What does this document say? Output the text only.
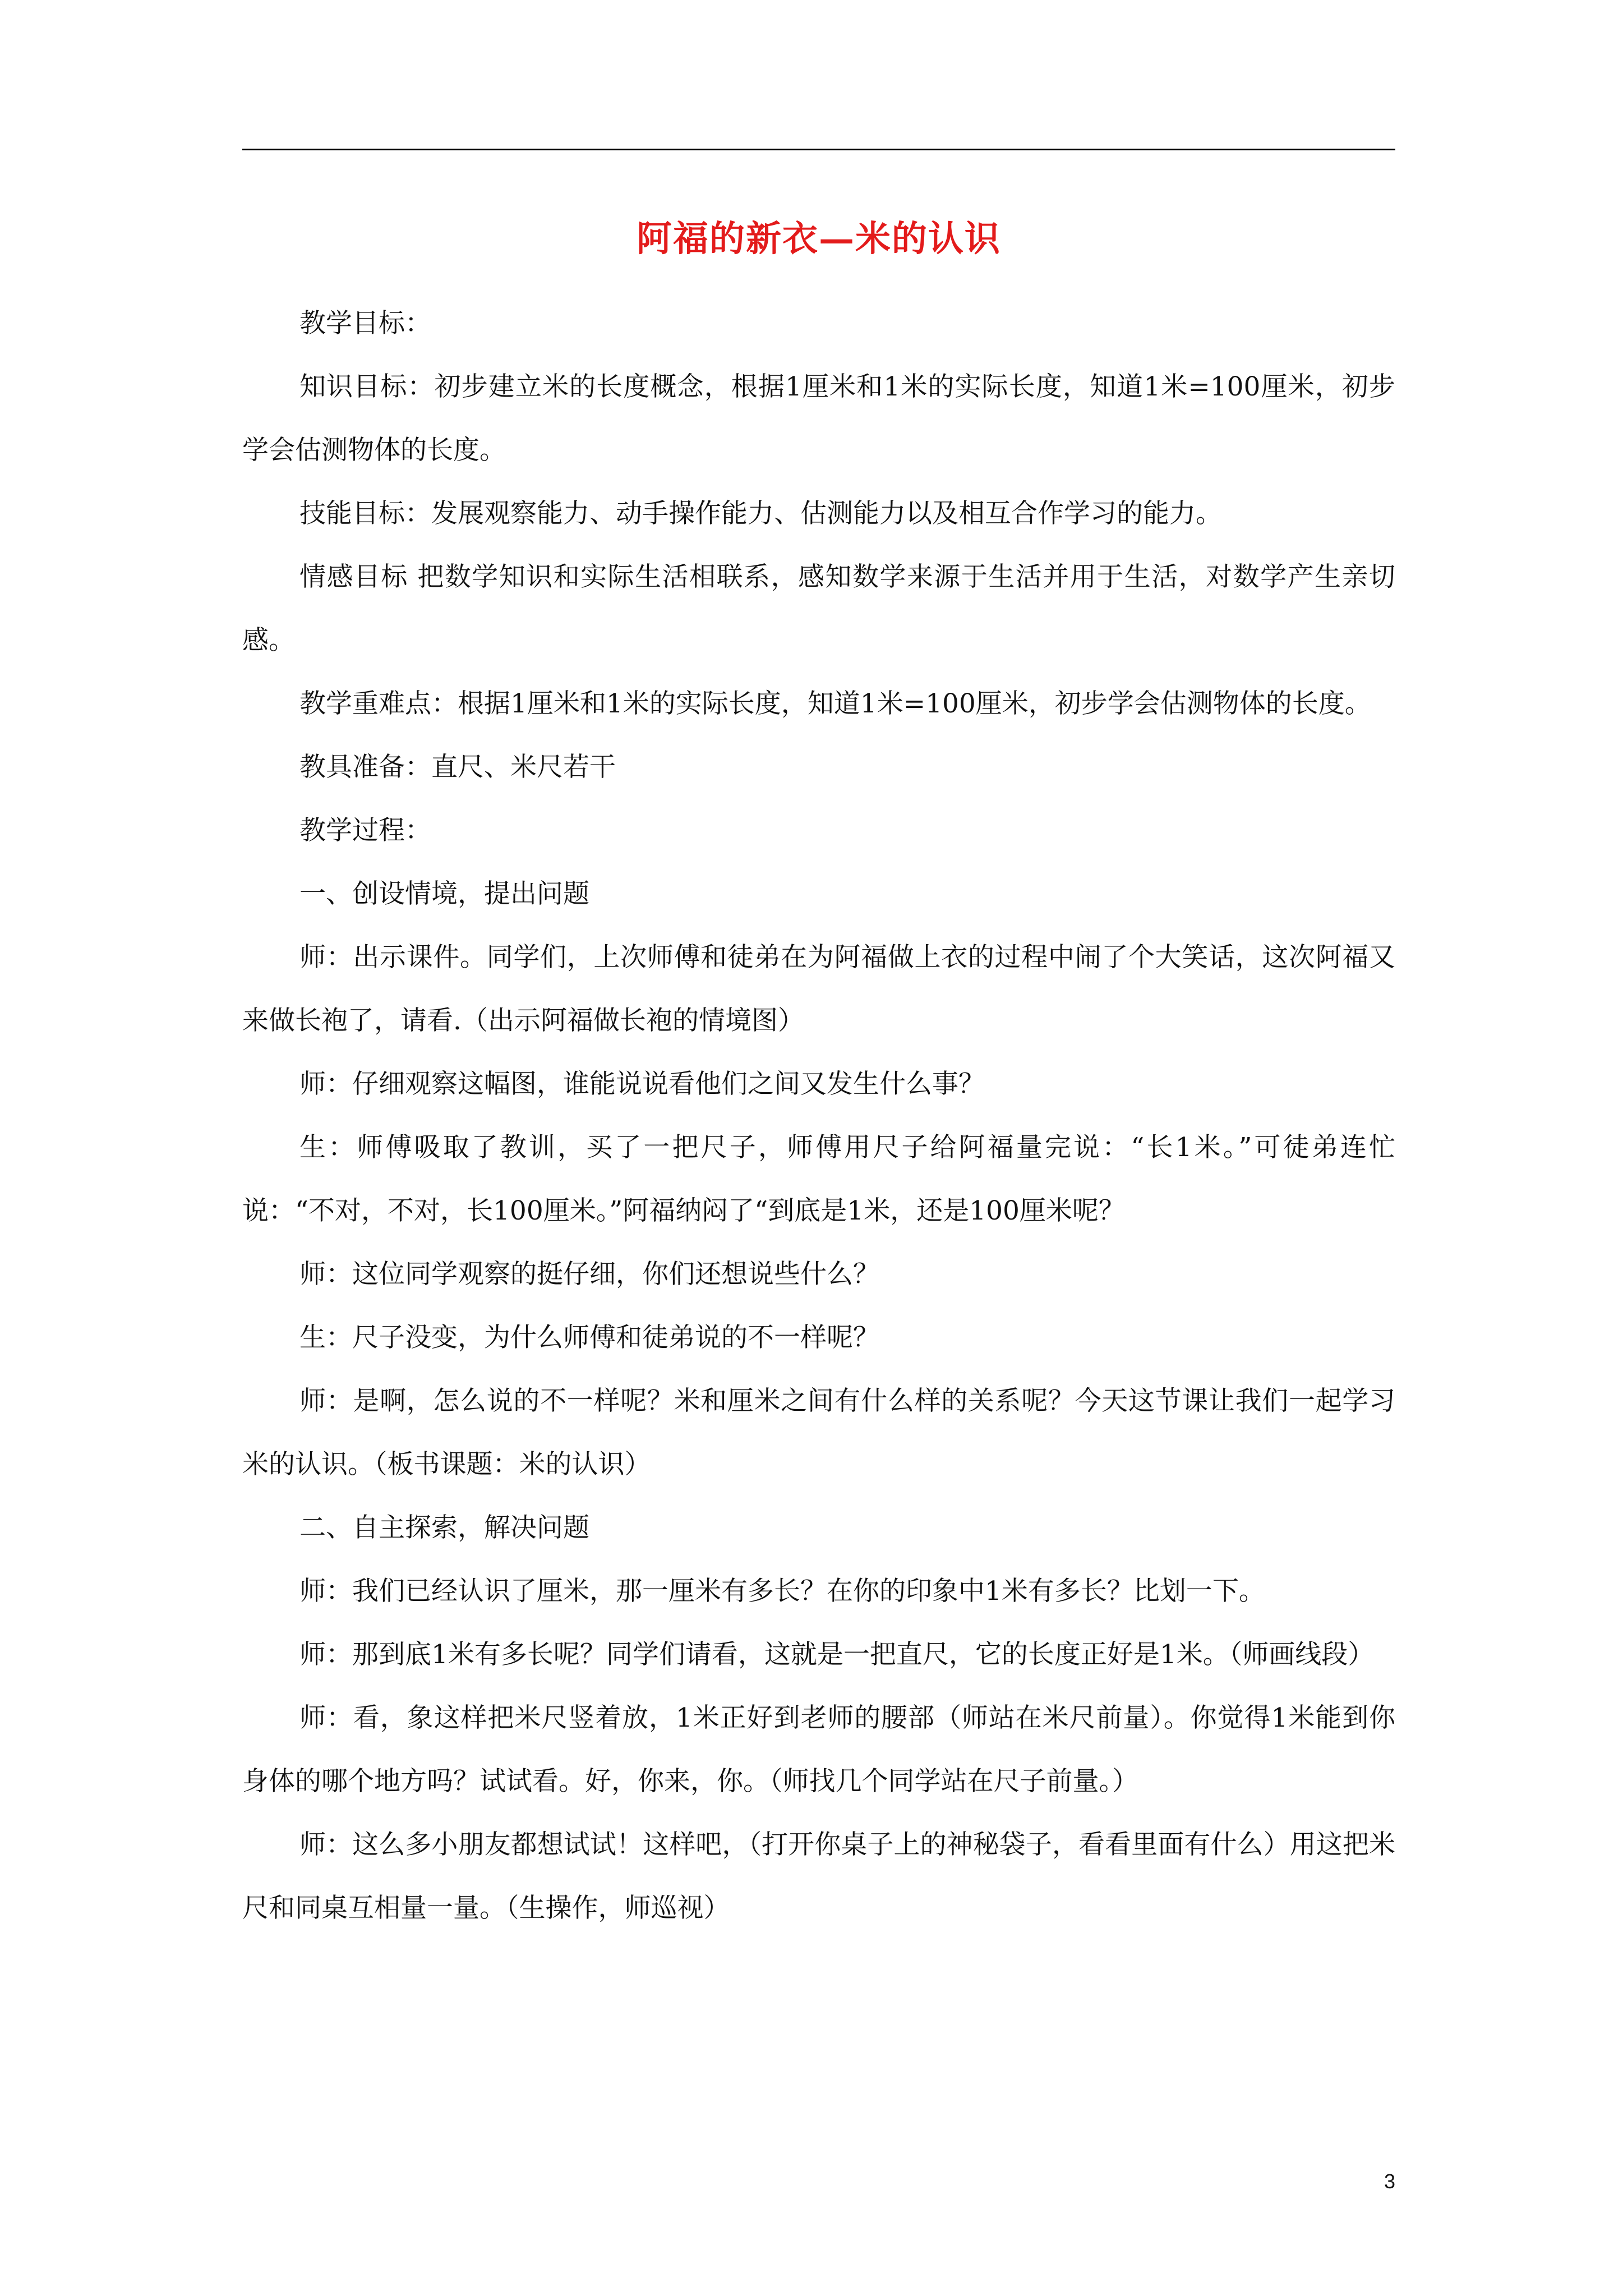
阿福的新衣—米的认识

教学目标：

知识目标：初步建立米的长度概念，根据1厘米和1米的实际长度，知道1米=100厘米，初步学会估测物体的长度。

技能目标：发展观察能力、动手操作能力、估测能力以及相互合作学习的能力。

情感目标 把数学知识和实际生活相联系，感知数学来源于生活并用于生活，对数学产生亲切感。

教学重难点：根据1厘米和1米的实际长度，知道1米=100厘米，初步学会估测物体的长度。

教具准备：直尺、米尺若干

教学过程：

一、创设情境，提出问题

师：出示课件。同学们，上次师傅和徒弟在为阿福做上衣的过程中闹了个大笑话，这次阿福又来做长袍了，请看.（出示阿福做长袍的情境图）

师：仔细观察这幅图，谁能说说看他们之间又发生什么事？

生：师傅吸取了教训，买了一把尺子，师傅用尺子给阿福量完说：“长1米。”可徒弟连忙说：“不对，不对，长100厘米。”阿福纳闷了“到底是1米，还是100厘米呢？

师：这位同学观察的挺仔细，你们还想说些什么？

生：尺子没变，为什么师傅和徒弟说的不一样呢？

师：是啊，怎么说的不一样呢？米和厘米之间有什么样的关系呢？今天这节课让我们一起学习米的认识。（板书课题：米的认识）

二、自主探索，解决问题

师：我们已经认识了厘米，那一厘米有多长？在你的印象中1米有多长？比划一下。

师：那到底1米有多长呢？同学们请看，这就是一把直尺，它的长度正好是1米。（师画线段）

师：看，象这样把米尺竖着放，1米正好到老师的腰部（师站在米尺前量）。你觉得1米能到你身体的哪个地方吗？试试看。好，你来，你。（师找几个同学站在尺子前量。）

师：这么多小朋友都想试试！这样吧，（打开你桌子上的神秘袋子，看看里面有什么）用这把米尺和同桌互相量一量。（生操作，师巡视）

3
